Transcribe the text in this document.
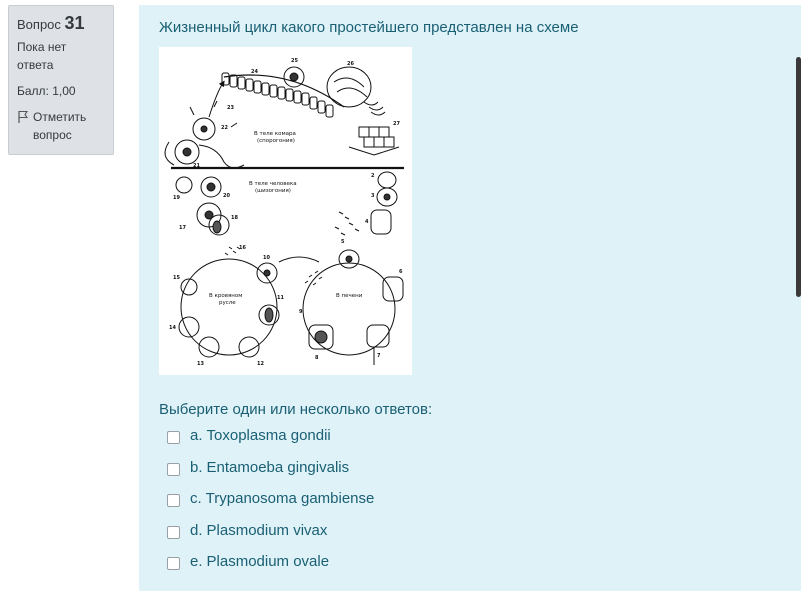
Вопрос 31
Пока нет ответа
Балл: 1,00
Отметить вопрос
Жизненный цикл какого простейшего представлен на схеме
В теле комара
(спорогония)
В теле человека
(шизогония)
В кровяном
русле
В печени
2
3
4
5
6
7
8
9
10
11
12
13
14
15
16
17
18
19	20
21
22
23
24
25	26
27
Выберите один или несколько ответов:
a. Toxoplasma gondii
b. Entamoeba gingivalis
c. Trypanosoma gambiense
d. Plasmodium vivax
e. Plasmodium ovale
